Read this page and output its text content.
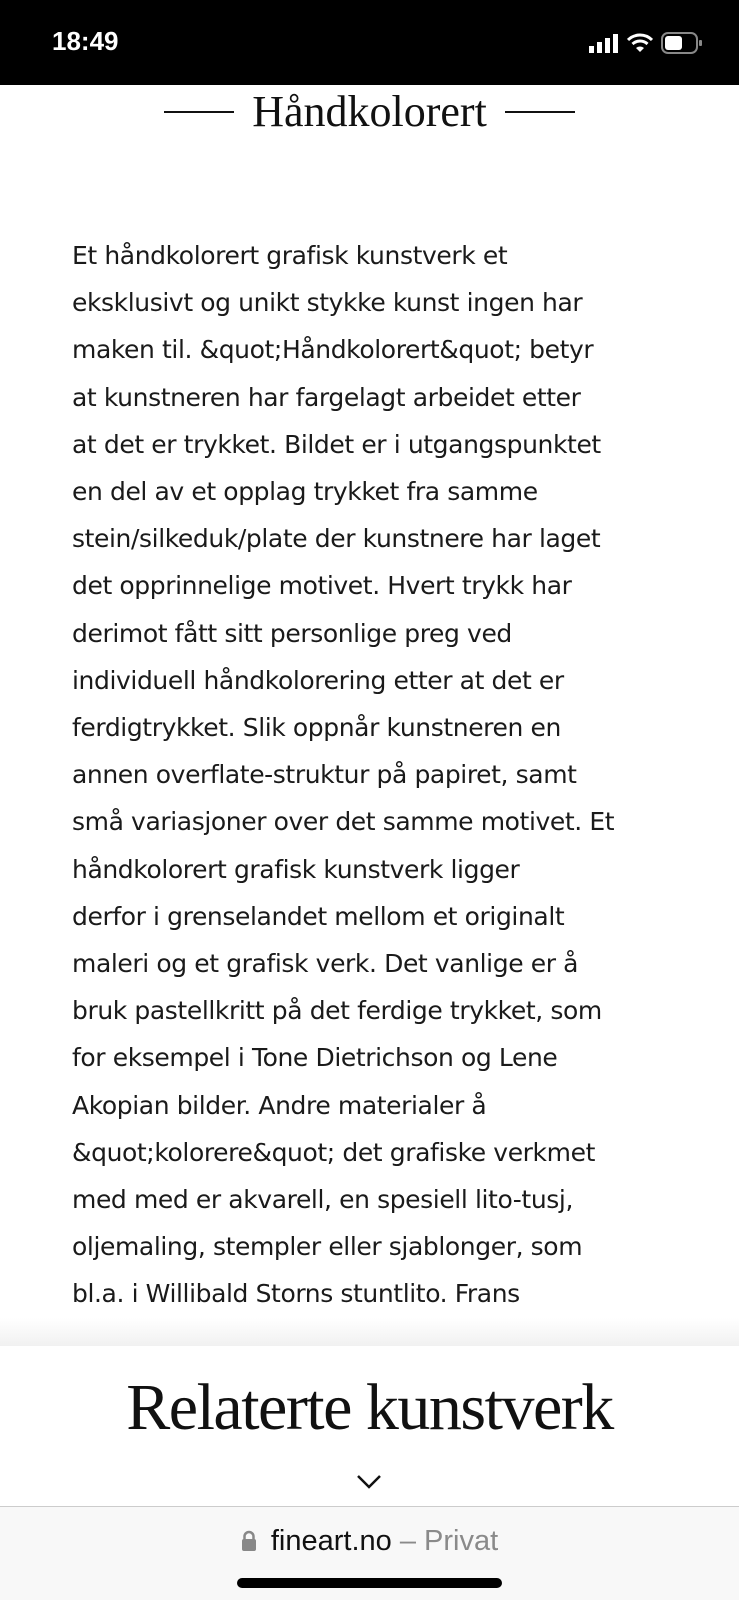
18:49
Håndkolorert
Et håndkolorert grafisk kunstverk et
eksklusivt og unikt stykke kunst ingen har
maken til. &quot;Håndkolorert&quot; betyr
at kunstneren har fargelagt arbeidet etter
at det er trykket. Bildet er i utgangspunktet
en del av et opplag trykket fra samme
stein/silkeduk/plate der kunstnere har laget
det opprinnelige motivet. Hvert trykk har
derimot fått sitt personlige preg ved
individuell håndkolorering etter at det er
ferdigtrykket. Slik oppnår kunstneren en
annen overflate-struktur på papiret, samt
små variasjoner over det samme motivet. Et
håndkolorert grafisk kunstverk ligger
derfor i grenselandet mellom et originalt
maleri og et grafisk verk. Det vanlige er å
bruk pastellkritt på det ferdige trykket, som
for eksempel i Tone Dietrichson og Lene
Akopian bilder. Andre materialer å
&quot;kolorere&quot; det grafiske verkmet
med med er akvarell, en spesiell lito-tusj,
oljemaling, stempler eller sjablonger, som
bl.a. i Willibald Storns stuntlito. Frans
Relaterte kunstverk
fineart.no – Privat
